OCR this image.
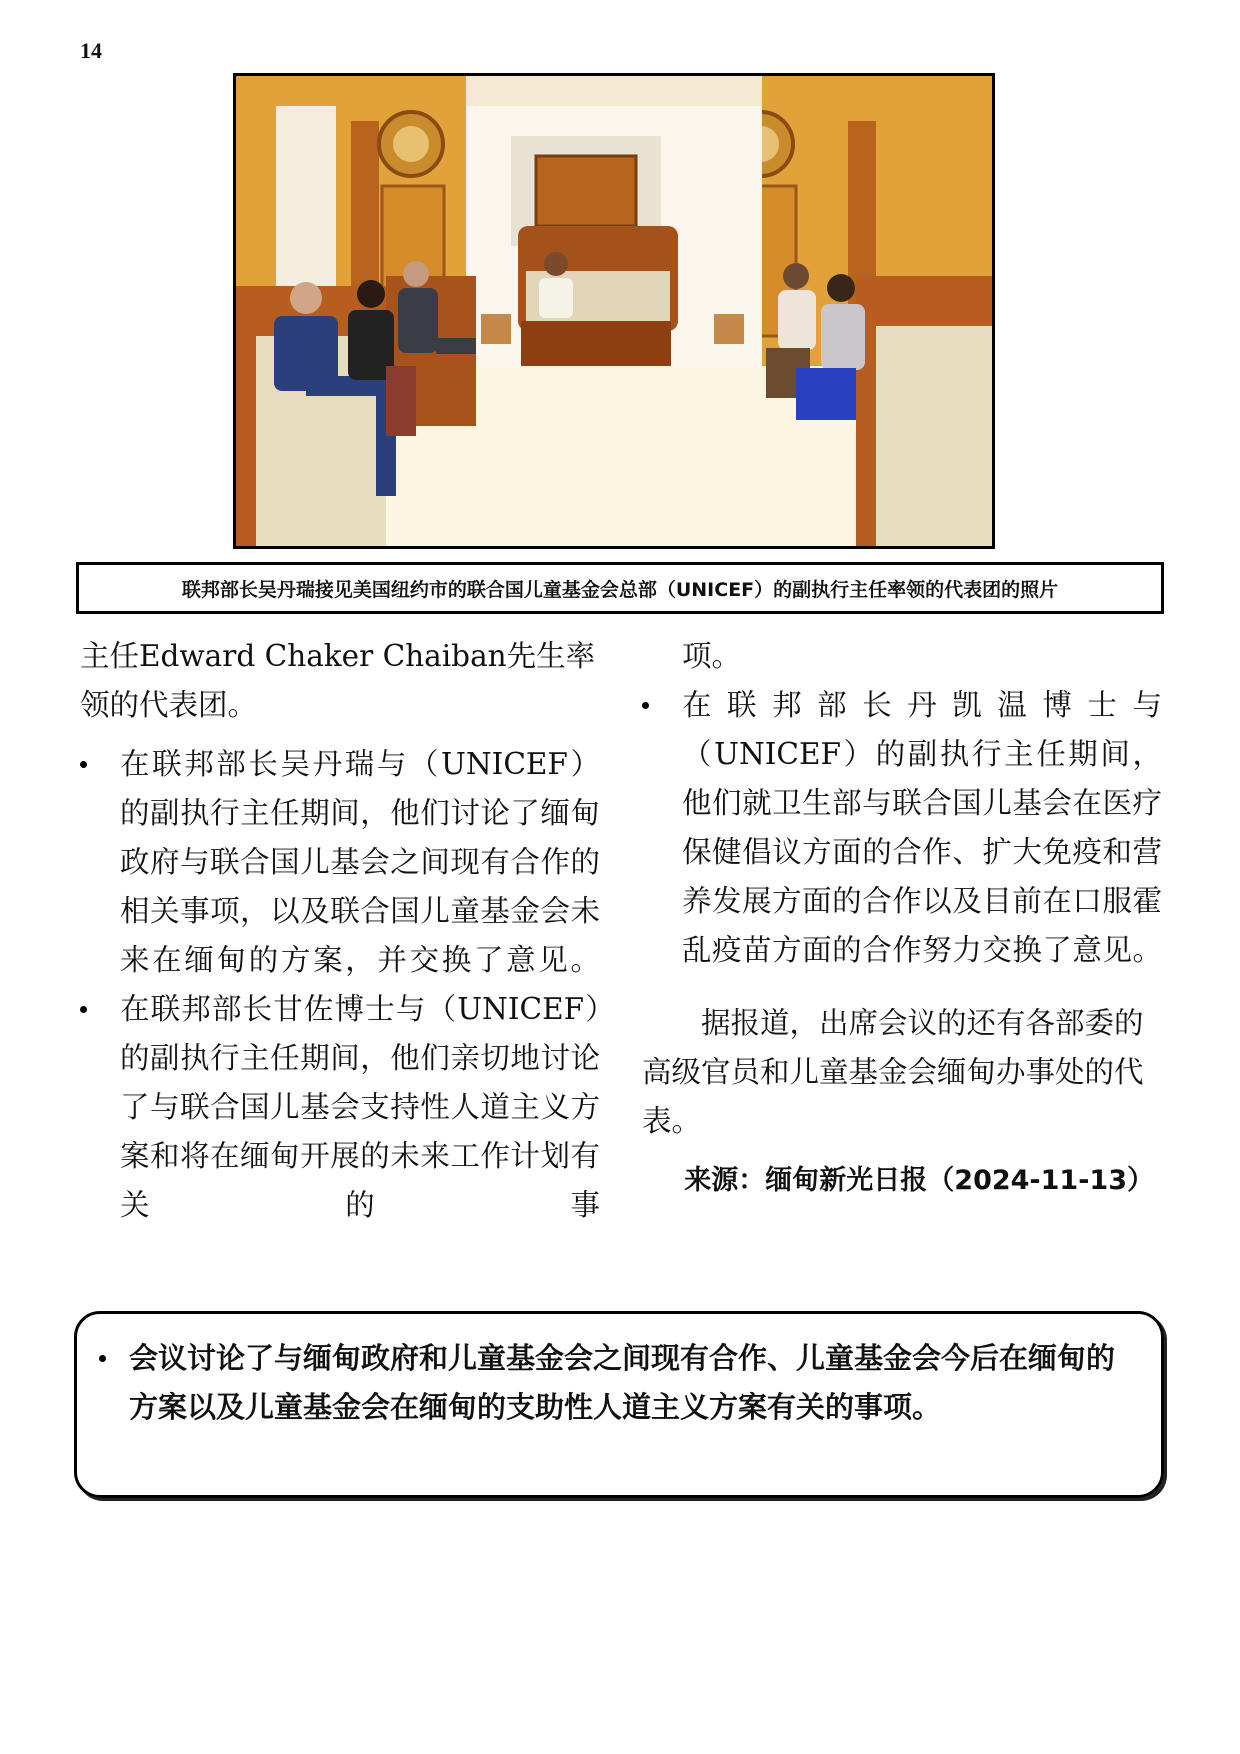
14
联邦部长吴丹瑞接见美国纽约市的联合国儿童基金会总部（UNICEF）的副执行主任率领的代表团的照片

主任Edward Chaker Chaiban先生率领的代表团。

在联邦部长吴丹瑞与（UNICEF）的副执行主任期间，他们讨论了缅甸政府与联合国儿基会之间现有合作的相关事项，以及联合国儿童基金会未来在缅甸的方案，并交换了意见。
在联邦部长甘佐博士与（UNICEF）的副执行主任期间，他们亲切地讨论了与联合国儿基会支持性人道主义方案和将在缅甸开展的未来工作计划有关的事

项。

在联邦部长丹凯温博士与（UNICEF）的副执行主任期间，他们就卫生部与联合国儿基会在医疗保健倡议方面的合作、扩大免疫和营养发展方面的合作以及目前在口服霍乱疫苗方面的合作努力交换了意见。

据报道，出席会议的还有各部委的高级官员和儿童基金会缅甸办事处的代表。

来源：缅甸新光日报（2024-11-13）
会议讨论了与缅甸政府和儿童基金会之间现有合作、儿童基金会今后在缅甸的方案以及儿童基金会在缅甸的支助性人道主义方案有关的事项。
